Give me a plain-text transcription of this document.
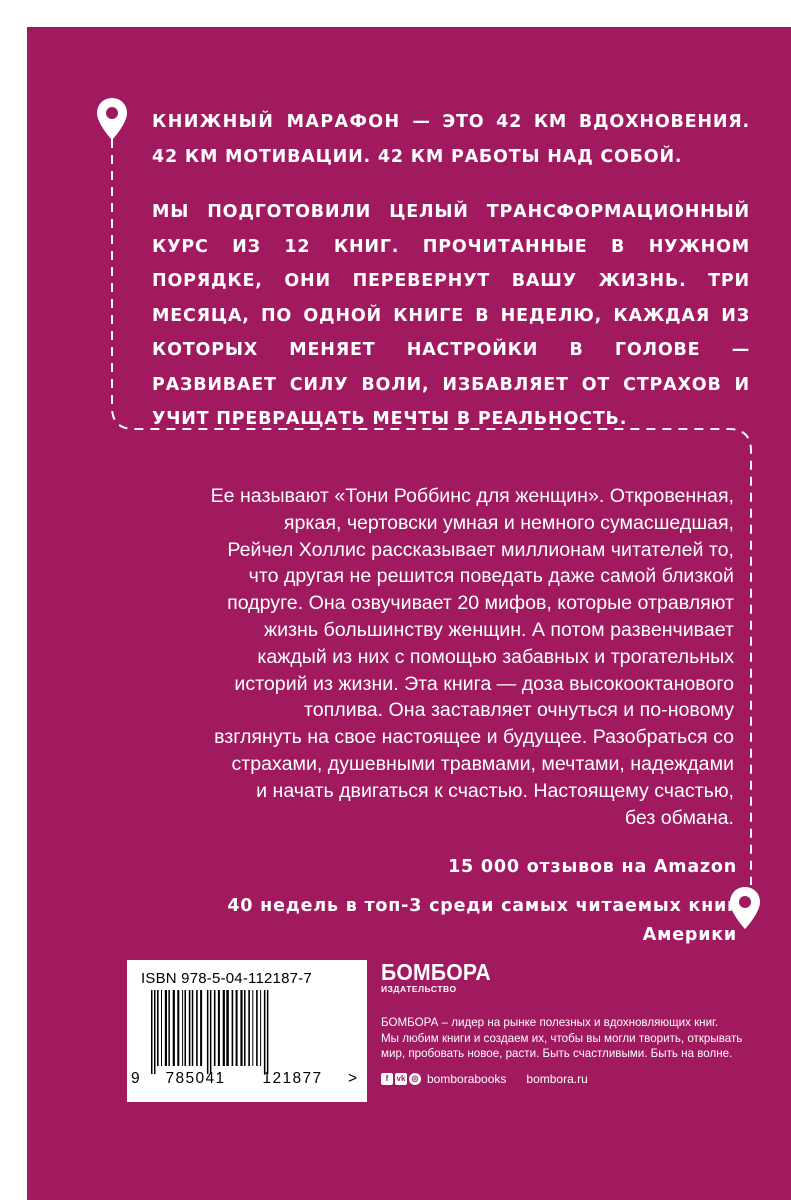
КНИЖНЫЙ МАРАФОН — ЭТО 42 КМ ВДОХНОВЕНИЯ. 42 КМ МОТИВАЦИИ. 42 КМ РАБОТЫ НАД СОБОЙ.

МЫ ПОДГОТОВИЛИ ЦЕЛЫЙ ТРАНСФОРМАЦИОННЫЙ КУРС ИЗ 12 КНИГ. ПРОЧИТАННЫЕ В НУЖНОМ ПОРЯДКЕ, ОНИ ПЕРЕВЕРНУТ ВАШУ ЖИЗНЬ. ТРИ МЕСЯЦА, ПО ОДНОЙ КНИГЕ В НЕДЕЛЮ, КАЖДАЯ ИЗ КОТОРЫХ МЕНЯЕТ НАСТРОЙКИ В ГОЛОВЕ — РАЗВИВАЕТ СИЛУ ВОЛИ, ИЗБАВЛЯЕТ ОТ СТРАХОВ И УЧИТ ПРЕВРАЩАТЬ МЕЧТЫ В РЕАЛЬНОСТЬ.

Ее называют «Тони Роббинс для женщин». Откровенная,
яркая, чертовски умная и немного сумасшедшая,
Рейчел Холлис рассказывает миллионам читателей то,
что другая не решится поведать даже самой близкой
подруге. Она озвучивает 20 мифов, которые отравляют
жизнь большинству женщин. А потом развенчивает
каждый из них с помощью забавных и трогательных
историй из жизни. Эта книга — доза высокооктанового
топлива. Она заставляет очнуться и по-новому
взглянуть на свое настоящее и будущее. Разобраться со
страхами, душевными травмами, мечтами, надеждами
и начать двигаться к счастью. Настоящему счастью,
без обмана.
15 000 отзывов на Amazon
40 недель в топ-3 среди самых читаемых книг Америки
ISBN 978-5-04-112187-7
9	785041	121877	>
БОМБОРА
ИЗДАТЕЛЬСТВО
БОМБОРА – лидер на рынке полезных и вдохновляющих книг.
Мы любим книги и создаем их, чтобы вы могли творить, открывать
мир, пробовать новое, расти. Быть счастливыми. Быть на волне.
f	vk ◎ bomborabooks bombora.ru
